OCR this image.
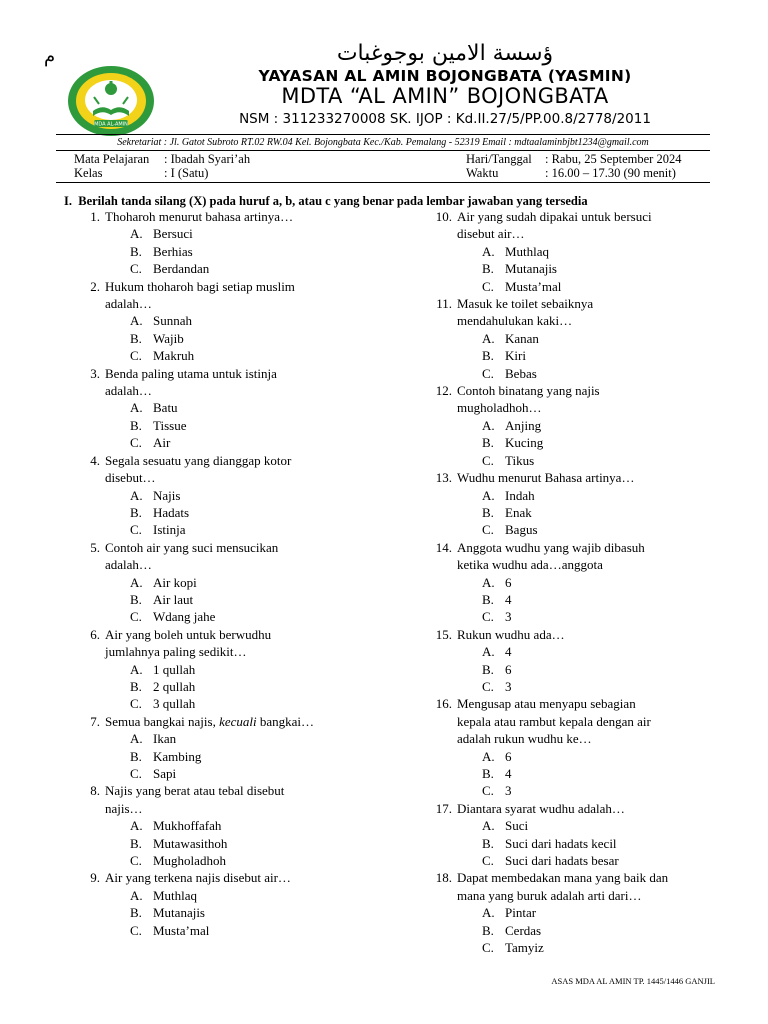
م
MDA AL-AMIN
ؤسسة الامين بوجوغبات
YAYASAN AL AMIN BOJONGBATA (YASMIN)
MDTA “AL AMIN” BOJONGBATA
NSM : 311233270008 SK. IJOP : Kd.II.27/5/PP.00.8/2778/2011
Sekretariat : Jl. Gatot Subroto RT.02 RW.04 Kel. Bojongbata Kec./Kab. Pemalang - 52319 Email : mdtaalaminbjbt1234@gmail.com
Mata Pelajaran : Ibadah Syari’ah
Kelas	: I (Satu)
Hari/Tanggal : Rabu, 25 September 2024
Waktu	: 16.00 – 17.30 (90 menit)
I. Berilah tanda silang (X) pada huruf a, b, atau c yang benar pada lembar jawaban yang tersedia
1. Thoharoh menurut bahasa artinya…
A. Bersuci
B. Berhias
C. Berdandan
2. Hukum thoharoh bagi setiap muslim
adalah…
A. Sunnah
B. Wajib
C. Makruh
3. Benda paling utama untuk istinja
adalah…
A. Batu
B. Tissue
C. Air
4. Segala sesuatu yang dianggap kotor
disebut…
A. Najis
B. Hadats
C. Istinja
5. Contoh air yang suci mensucikan
adalah…
A. Air kopi
B. Air laut
C. Wdang jahe
6. Air yang boleh untuk berwudhu
jumlahnya paling sedikit…
A. 1 qullah
B. 2 qullah
C. 3 qullah
7. Semua bangkai najis, kecuali bangkai…
A. Ikan
B. Kambing
C. Sapi
8. Najis yang berat atau tebal disebut
najis…
A. Mukhoffafah
B. Mutawasithoh
C. Mugholadhoh
9. Air yang terkena najis disebut air…
A. Muthlaq
B. Mutanajis
C. Musta’mal
10. Air yang sudah dipakai untuk bersuci
disebut air…
A. Muthlaq
B. Mutanajis
C. Musta’mal
11. Masuk ke toilet sebaiknya
mendahulukan kaki…
A. Kanan
B. Kiri
C. Bebas
12. Contoh binatang yang najis
mugholadhoh…
A. Anjing
B. Kucing
C. Tikus
13. Wudhu menurut Bahasa artinya…
A. Indah
B. Enak
C. Bagus
14. Anggota wudhu yang wajib dibasuh
ketika wudhu ada…anggota
A. 6
B. 4
C. 3
15. Rukun wudhu ada…
A. 4
B. 6
C. 3
16. Mengusap atau menyapu sebagian
kepala atau rambut kepala dengan air
adalah rukun wudhu ke…
A. 6
B. 4
C. 3
17. Diantara syarat wudhu adalah…
A. Suci
B. Suci dari hadats kecil
C. Suci dari hadats besar
18. Dapat membedakan mana yang baik dan
mana yang buruk adalah arti dari…
A. Pintar
B. Cerdas
C. Tamyiz
ASAS MDA AL AMIN TP. 1445/1446 GANJIL
